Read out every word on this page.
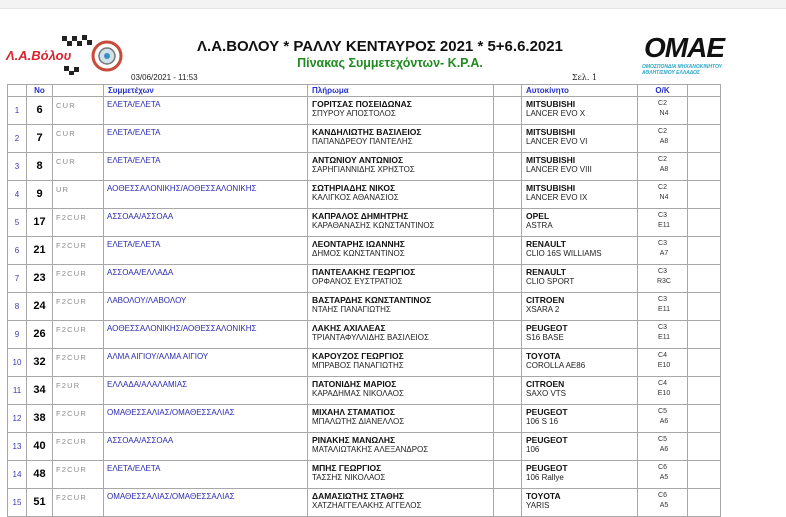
Λ.Α.Βόλου	OMAE
ΟΜΟΣΠΟΝΔΙΑ ΜΗΧΑΝΟΚΙΝΗΤΟΥ ΑΘΛΗΤΙΣΜΟΥ ΕΛΛΑΔΟΣ
Λ.Α.ΒΟΛΟΥ * ΡΑΛΛΥ ΚΕΝΤΑΥΡΟΣ 2021 * 5+6.6.2021
Πίνακας Συμμετεχόντων- Κ.Ρ.Α.
03/06/2021 - 11:53	Σελ. 1
	No		Συμμετέχων	Πλήρωμα		Αυτοκίνητο	Ο/Κ	
1	6	CUR	ΕΛΕΤΑ/ΕΛΕΤΑ	ΓΟΡΙΤΣΑΣ ΠΟΣΕΙΔΩΝΑΣ
ΣΠΥΡΟΥ ΑΠΟΣΤΟΛΟΣ		MITSUBISHI
LANCER EVO X	C2
N4	

2	7	CUR	ΕΛΕΤΑ/ΕΛΕΤΑ	ΚΑΝΔΗΛΙΩΤΗΣ ΒΑΣΙΛΕΙΟΣ
ΠΑΠΑΝΔΡΕΟΥ ΠΑΝΤΕΛΗΣ		MITSUBISHI
LANCER EVO VI	C2
A8	

3	8	CUR	ΕΛΕΤΑ/ΕΛΕΤΑ	ΑΝΤΩΝΙΟΥ ΑΝΤΩΝΙΟΣ
ΣΑΡΗΓΙΑΝΝΙΔΗΣ ΧΡΗΣΤΟΣ		MITSUBISHI
LANCER EVO VIII	C2
A8	

4	9	UR	ΑΟΘΕΣΣΑΛΟΝΙΚΗΣ/ΑΟΘΕΣΣΑΛΟΝΙΚΗΣ	ΣΩΤΗΡΙΑΔΗΣ ΝΙΚΟΣ
ΚΑΛΙΓΚΟΣ ΑΘΑΝΑΣΙΟΣ		MITSUBISHI
LANCER EVO IX	C2
N4	

5	17	F2CUR	ΑΣΣΟΑΑ/ΑΣΣΟΑΑ	ΚΑΠΡΑΛΟΣ ΔΗΜΗΤΡΗΣ
ΚΑΡΑΘΑΝΑΣΗΣ ΚΩΝΣΤΑΝΤΙΝΟΣ		OPEL
ASTRA	C3
E11	

6	21	F2CUR	ΕΛΕΤΑ/ΕΛΕΤΑ	ΛΕΟΝΤΑΡΗΣ ΙΩΑΝΝΗΣ
ΔΗΜΟΣ ΚΩΝΣΤΑΝΤΙΝΟΣ		RENAULT
CLIO 16S WILLIAMS	C3
A7	

7	23	F2CUR	ΑΣΣΟΑΑ/ΕΛΛΑΔΑ	ΠΑΝΤΕΛΑΚΗΣ ΓΕΩΡΓΙΟΣ
ΟΡΦΑΝΟΣ ΕΥΣΤΡΑΤΙΟΣ		RENAULT
CLIO SPORT	C3
R3C	

8	24	F2CUR	ΛΑΒΟΛΟΥ/ΛΑΒΟΛΟΥ	ΒΑΣΤΑΡΔΗΣ ΚΩΝΣΤΑΝΤΙΝΟΣ
ΝΤΑΗΣ ΠΑΝΑΓΙΩΤΗΣ		CITROEN
XSARA 2	C3
E11	

9	26	F2CUR	ΑΟΘΕΣΣΑΛΟΝΙΚΗΣ/ΑΟΘΕΣΣΑΛΟΝΙΚΗΣ	ΛΑΚΗΣ ΑΧΙΛΛΕΑΣ
ΤΡΙΑΝΤΑΦΥΛΛΙΔΗΣ ΒΑΣΙΛΕΙΟΣ		PEUGEOT
S16 BASE	C3
E11	

10	32	F2CUR	ΑΛΜΑ ΑΙΓΙΟΥ/ΑΛΜΑ ΑΙΓΙΟΥ	ΚΑΡΟΥΖΟΣ ΓΕΩΡΓΙΟΣ
ΜΠΡΑΒΟΣ ΠΑΝΑΓΙΩΤΗΣ		TOYOTA
COROLLA AE86	C4
E10	

11	34	F2UR	ΕΛΛΑΔΑ/ΑΛΑΛΑΜΙΑΣ	ΠΑΤΟΝΙΔΗΣ ΜΑΡΙΟΣ
ΚΑΡΑΔΗΜΑΣ ΝΙΚΟΛΑΟΣ		CITROEN
SAXO VTS	C4
E10	

12	38	F2CUR	ΟΜΑΘΕΣΣΑΛΙΑΣ/ΟΜΑΘΕΣΣΑΛΙΑΣ	ΜΙΧΑΗΛ ΣΤΑΜΑΤΙΟΣ
ΜΠΑΛΩΤΗΣ ΔΙΑΝΕΛΛΟΣ		PEUGEOT
106 S 16	C5
A6	

13	40	F2CUR	ΑΣΣΟΑΑ/ΑΣΣΟΑΑ	ΡΙΝΑΚΗΣ ΜΑΝΩΛΗΣ
ΜΑΤΑΛΙΩΤΑΚΗΣ ΑΛΕΞΑΝΔΡΟΣ		PEUGEOT
106	C5
A6	

14	48	F2CUR	ΕΛΕΤΑ/ΕΛΕΤΑ	ΜΠΗΣ ΓΕΩΡΓΙΟΣ
ΤΑΣΣΗΣ ΝΙΚΟΛΑΟΣ		PEUGEOT
106 Rallye	C6
A5	

15	51	F2CUR	ΟΜΑΘΕΣΣΑΛΙΑΣ/ΟΜΑΘΕΣΣΑΛΙΑΣ	ΔΑΜΑΣΙΩΤΗΣ ΣΤΑΘΗΣ
ΧΑΤΖΗΑΓΓΕΛΑΚΗΣ ΑΓΓΕΛΟΣ		TOYOTA
YARIS	C6
A5	
